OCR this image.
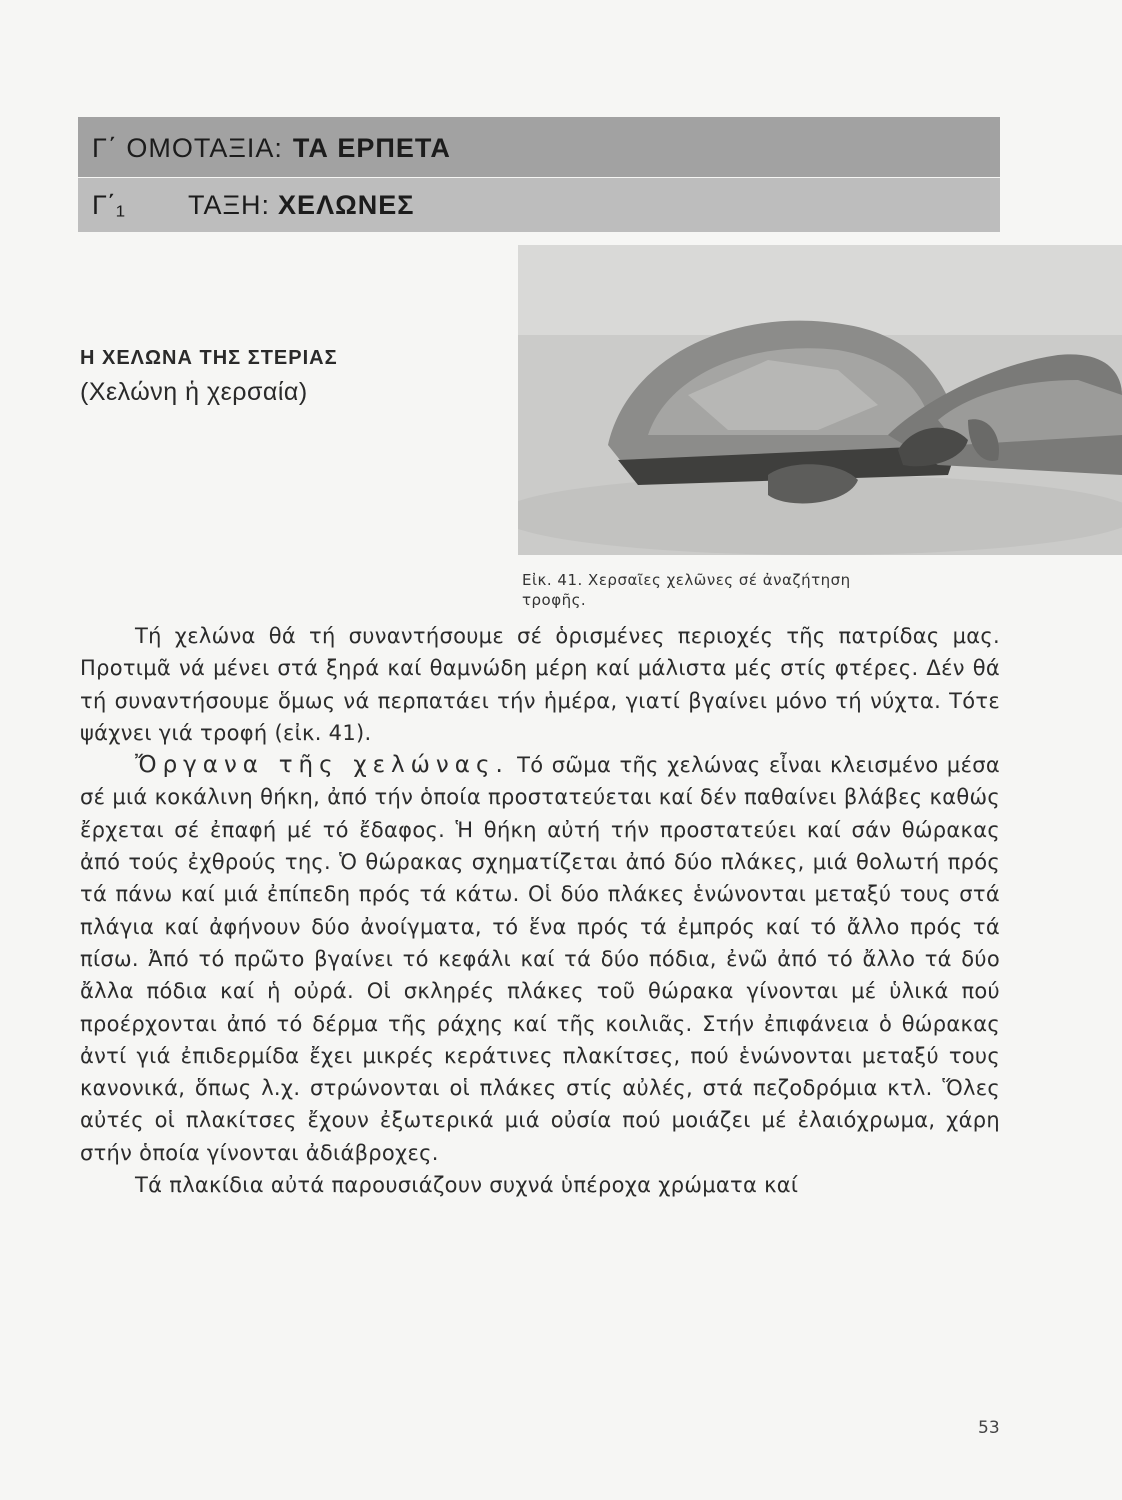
Γ΄ ΟΜΟΤΑΞΙΑ: ΤΑ ΕΡΠΕΤΑ
Γ΄₁ ΤΑΞΗ: ΧΕΛΩΝΕΣ
Η ΧΕΛΩΝΑ ΤΗΣ ΣΤΕΡΙΑΣ
(Χελώνη ἡ χερσαία)
Εἰκ. 41. Χερσαῖες χελῶνες σέ ἀναζήτηση τροφῆς.

Τή χελώνα θά τή συναντήσουμε σέ ὁρισμένες περιοχές τῆς πατρίδας μας. Προτιμᾶ νά μένει στά ξηρά καί θαμνώδη μέρη καί μάλιστα μές στίς φτέρες. Δέν θά τή συναντήσουμε ὅμως νά περπατάει τήν ἡμέρα, γιατί βγαίνει μόνο τή νύχτα. Τότε ψάχνει γιά τροφή (εἰκ. 41).

Ὄργανα τῆς χελώνας. Τό σῶμα τῆς χελώνας εἶναι κλεισμένο μέσα σέ μιά κοκάλινη θήκη, ἀπό τήν ὁποία προστατεύεται καί δέν παθαίνει βλάβες καθώς ἔρχεται σέ ἐπαφή μέ τό ἔδαφος. Ἡ θήκη αὐτή τήν προστατεύει καί σάν θώρακας ἀπό τούς ἐχθρούς της. Ὁ θώρακας σχηματίζεται ἀπό δύο πλάκες, μιά θολωτή πρός τά πάνω καί μιά ἐπίπεδη πρός τά κάτω. Οἱ δύο πλάκες ἑνώνονται μεταξύ τους στά πλάγια καί ἀφήνουν δύο ἀνοίγματα, τό ἕνα πρός τά ἐμπρός καί τό ἄλλο πρός τά πίσω. Ἀπό τό πρῶτο βγαίνει τό κεφάλι καί τά δύο πόδια, ἐνῶ ἀπό τό ἄλλο τά δύο ἄλλα πόδια καί ἡ οὐρά. Οἱ σκληρές πλάκες τοῦ θώρακα γίνονται μέ ὑλικά πού προέρχονται ἀπό τό δέρμα τῆς ράχης καί τῆς κοιλιᾶς. Στήν ἐπιφάνεια ὁ θώρακας ἀντί γιά ἐπιδερμίδα ἔχει μικρές κεράτινες πλακίτσες, πού ἑνώνονται μεταξύ τους κανονικά, ὅπως λ.χ. στρώνονται οἱ πλάκες στίς αὐλές, στά πεζοδρόμια κτλ. Ὅλες αὐτές οἱ πλακίτσες ἔχουν ἐξωτερικά μιά οὐσία πού μοιάζει μέ ἐλαιόχρωμα, χάρη στήν ὁποία γίνονται ἀδιάβροχες.

Τά πλακίδια αὐτά παρουσιάζουν συχνά ὑπέροχα χρώματα καί

53
